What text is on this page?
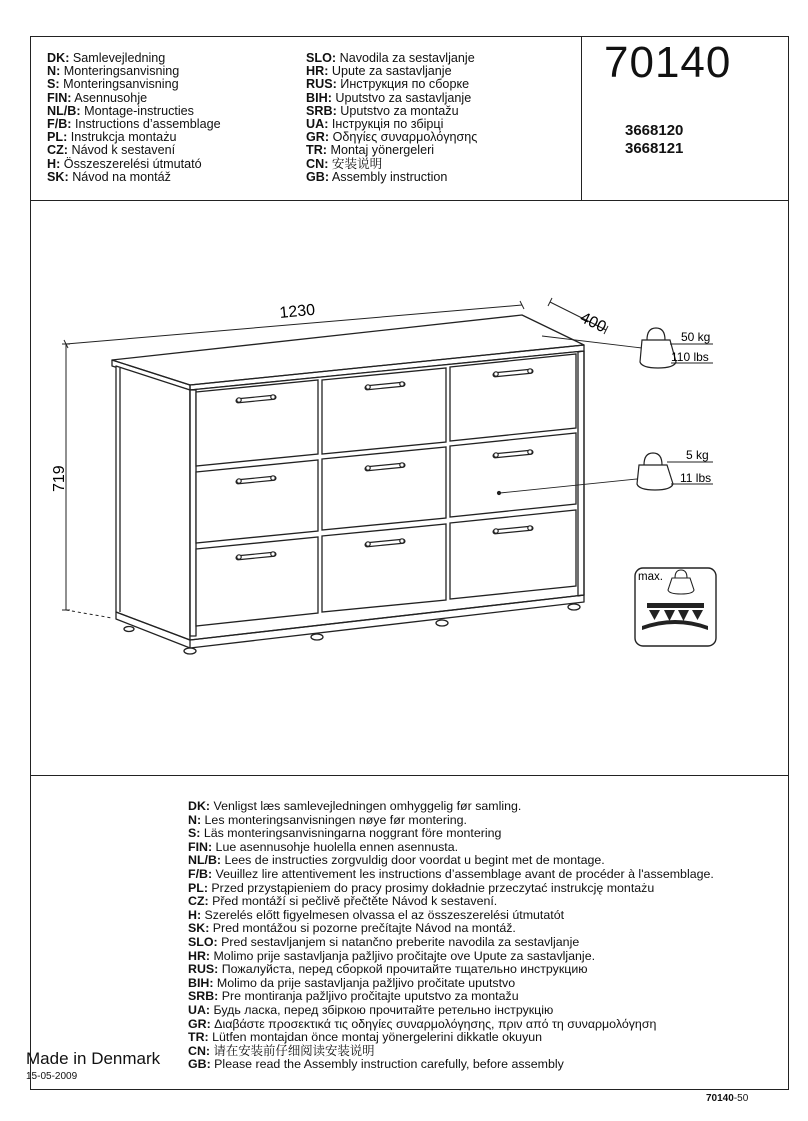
DK: Samlevejledning
N: Monteringsanvisning
S: Monteringsanvisning
FIN: Asennusohje
NL/B: Montage-instructies
F/B: Instructions d’assemblage
PL: Instrukcja montażu
CZ: Návod k sestavení
H: Összeszerelési útmutató
SK: Návod na montáž
SLO: Navodila za sestavljanje
HR: Upute za sastavljanje
RUS: Инструкция по сборке
BIH: Uputstvo za sastavljanje
SRB: Uputstvo za montažu
UA: Інструкція по збірці
GR: Οδηγίες συναρμολόγησης
TR: Montaj yönergeleri
CN: 安装说明
GB: Assembly instruction
70140
3668120
3668121
1230	400
719
50 kg
110 lbs
5 kg
11 lbs
max.
DK: Venligst læs samlevejledningen omhyggelig før samling.
N: Les monteringsanvisningen nøye før montering.
S: Läs monteringsanvisningarna noggrant före montering
FIN: Lue asennusohje huolella ennen asennusta.
NL/B: Lees de instructies zorgvuldig door voordat u begint met de montage.
F/B: Veuillez lire attentivement les instructions d’assemblage avant de procéder à l'assemblage.
PL: Przed przystąpieniem do pracy prosimy dokładnie przeczytać instrukcję montażu
CZ: Před montáží si pečlivě přečtěte Návod k sestavení.
H: Szerelés előtt figyelmesen olvassa el az összeszerelési útmutatót
SK: Pred montážou si pozorne prečítajte Návod na montáž.
SLO: Pred sestavljanjem si natančno preberite navodila za sestavljanje
HR: Molimo prije sastavljanja pažljivo pročitajte ove Upute za sastavljanje.
RUS: Пожалуйста, перед сборкой прочитайте тщательно инструкцию
BIH: Molimo da prije sastavljanja pažljivo pročitate uputstvo
SRB: Pre montiranja pažljivo pročitajte uputstvo za montažu
UA: Будь ласка, перед збіркою прочитайте ретельно інструкцію
GR: Διαβάστε προσεκτικά τις οδηγίες συναρμολόγησης, πριν από τη συναρμολόγηση
TR: Lütfen montajdan önce montaj yönergelerini dikkatle okuyun
CN: 请在安装前仔细阅读安装说明
GB: Please read the Assembly instruction carefully, before assembly
Made in Denmark
15-05-2009
70140-50
